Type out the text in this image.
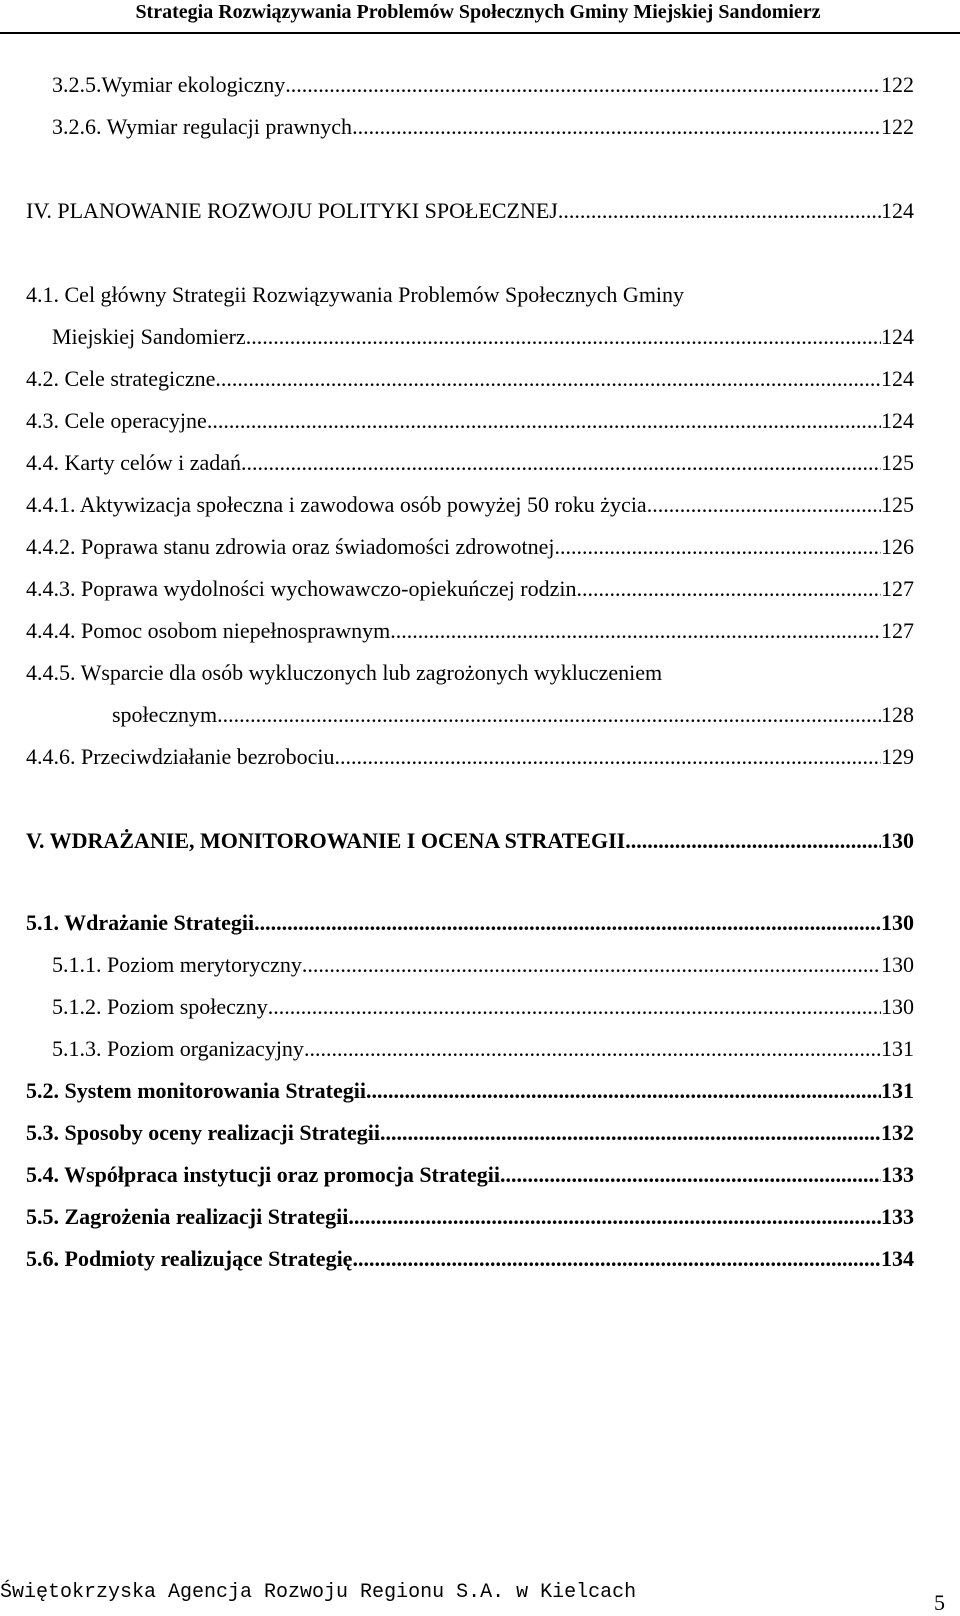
Strategia Rozwiązywania Problemów Społecznych Gminy Miejskiej Sandomierz
3.2.5.Wymiar ekologiczny .....	122
3.2.6. Wymiar regulacji prawnych .....	122
IV. PLANOWANIE ROZWOJU POLITYKI SPOŁECZNEJ .....	124
4.1. Cel główny Strategii Rozwiązywania Problemów Społecznych Gminy
Miejskiej Sandomierz .....	124
4.2. Cele strategiczne .....	124
4.3. Cele operacyjne .....	124
4.4. Karty celów i zadań .....	125
4.4.1. Aktywizacja społeczna i zawodowa osób powyżej 50 roku życia .....	125
4.4.2. Poprawa stanu zdrowia oraz świadomości zdrowotnej .....	126
4.4.3. Poprawa wydolności wychowawczo-opiekuńczej rodzin .....	127
4.4.4. Pomoc osobom niepełnosprawnym .....	127
4.4.5. Wsparcie dla osób wykluczonych lub zagrożonych wykluczeniem
społecznym .....	128
4.4.6. Przeciwdziałanie bezrobociu .....	129
V. WDRAŻANIE, MONITOROWANIE I OCENA STRATEGII .....	130
5.1. Wdrażanie Strategii .....	130
5.1.1. Poziom merytoryczny .....	130
5.1.2. Poziom społeczny .....	130
5.1.3. Poziom organizacyjny .....	131
5.2. System monitorowania Strategii .....	131
5.3. Sposoby oceny realizacji Strategii .....	132
5.4. Współpraca instytucji oraz promocja Strategii .....	133
5.5. Zagrożenia realizacji Strategii .....	133
5.6. Podmioty realizujące Strategię .....	134
Świętokrzyska Agencja Rozwoju Regionu S.A. w Kielcach	5
